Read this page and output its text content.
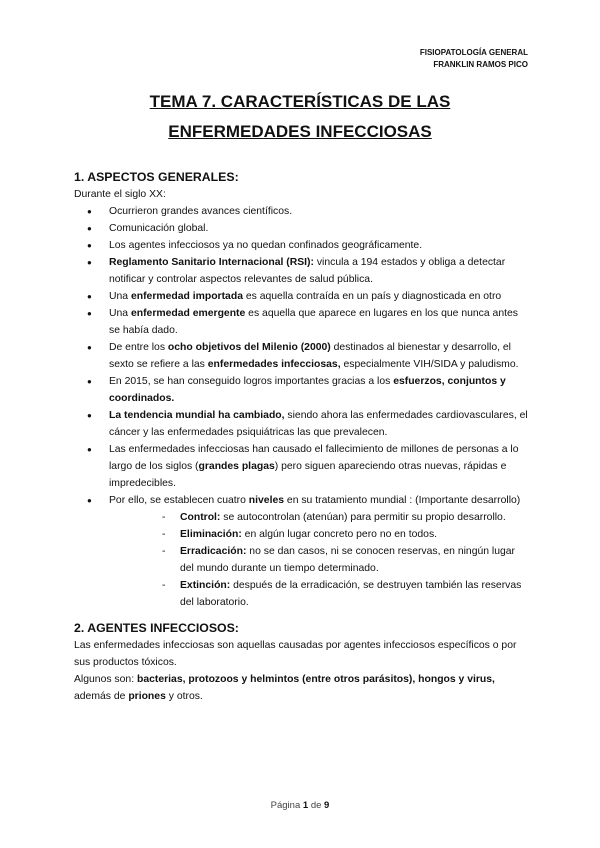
FISIOPATOLOGÍA GENERAL
FRANKLIN RAMOS PICO
TEMA 7. CARACTERÍSTICAS DE LAS
ENFERMEDADES INFECCIOSAS
1. ASPECTOS GENERALES:

Durante el siglo XX:

● Ocurrieron grandes avances científicos.
● Comunicación global.
● Los agentes infecciosos ya no quedan confinados geográficamente.
● Reglamento Sanitario Internacional (RSI): vincula a 194 estados y obliga a detectar notificar y controlar aspectos relevantes de salud pública.
● Una enfermedad importada es aquella contraída en un país y diagnosticada en otro
● Una enfermedad emergente es aquella que aparece en lugares en los que nunca antes se había dado.
● De entre los ocho objetivos del Milenio (2000) destinados al bienestar y desarrollo, el sexto se refiere a las enfermedades infecciosas, especialmente VIH/SIDA y paludismo.
● En 2015, se han conseguido logros importantes gracias a los esfuerzos, conjuntos y coordinados.
● La tendencia mundial ha cambiado, siendo ahora las enfermedades cardiovasculares, el cáncer y las enfermedades psiquiátricas las que prevalecen.
● Las enfermedades infecciosas han causado el fallecimiento de millones de personas a lo largo de los siglos (grandes plagas) pero siguen apareciendo otras nuevas, rápidas e impredecibles.
● Por ello, se establecen cuatro niveles en su tratamiento mundial : (Importante desarrollo)
- Control: se autocontrolan (atenúan) para permitir su propio desarrollo.
- Eliminación: en algún lugar concreto pero no en todos.
- Erradicación: no se dan casos, ni se conocen reservas, en ningún lugar del mundo durante un tiempo determinado.
- Extinción: después de la erradicación, se destruyen también las reservas del laboratorio.
2. AGENTES INFECCIOSOS:

Las enfermedades infecciosas son aquellas causadas por agentes infecciosos específicos o por sus productos tóxicos.

Algunos son: bacterias, protozoos y helmintos (entre otros parásitos), hongos y virus, además de priones y otros.

Página 1 de 9
